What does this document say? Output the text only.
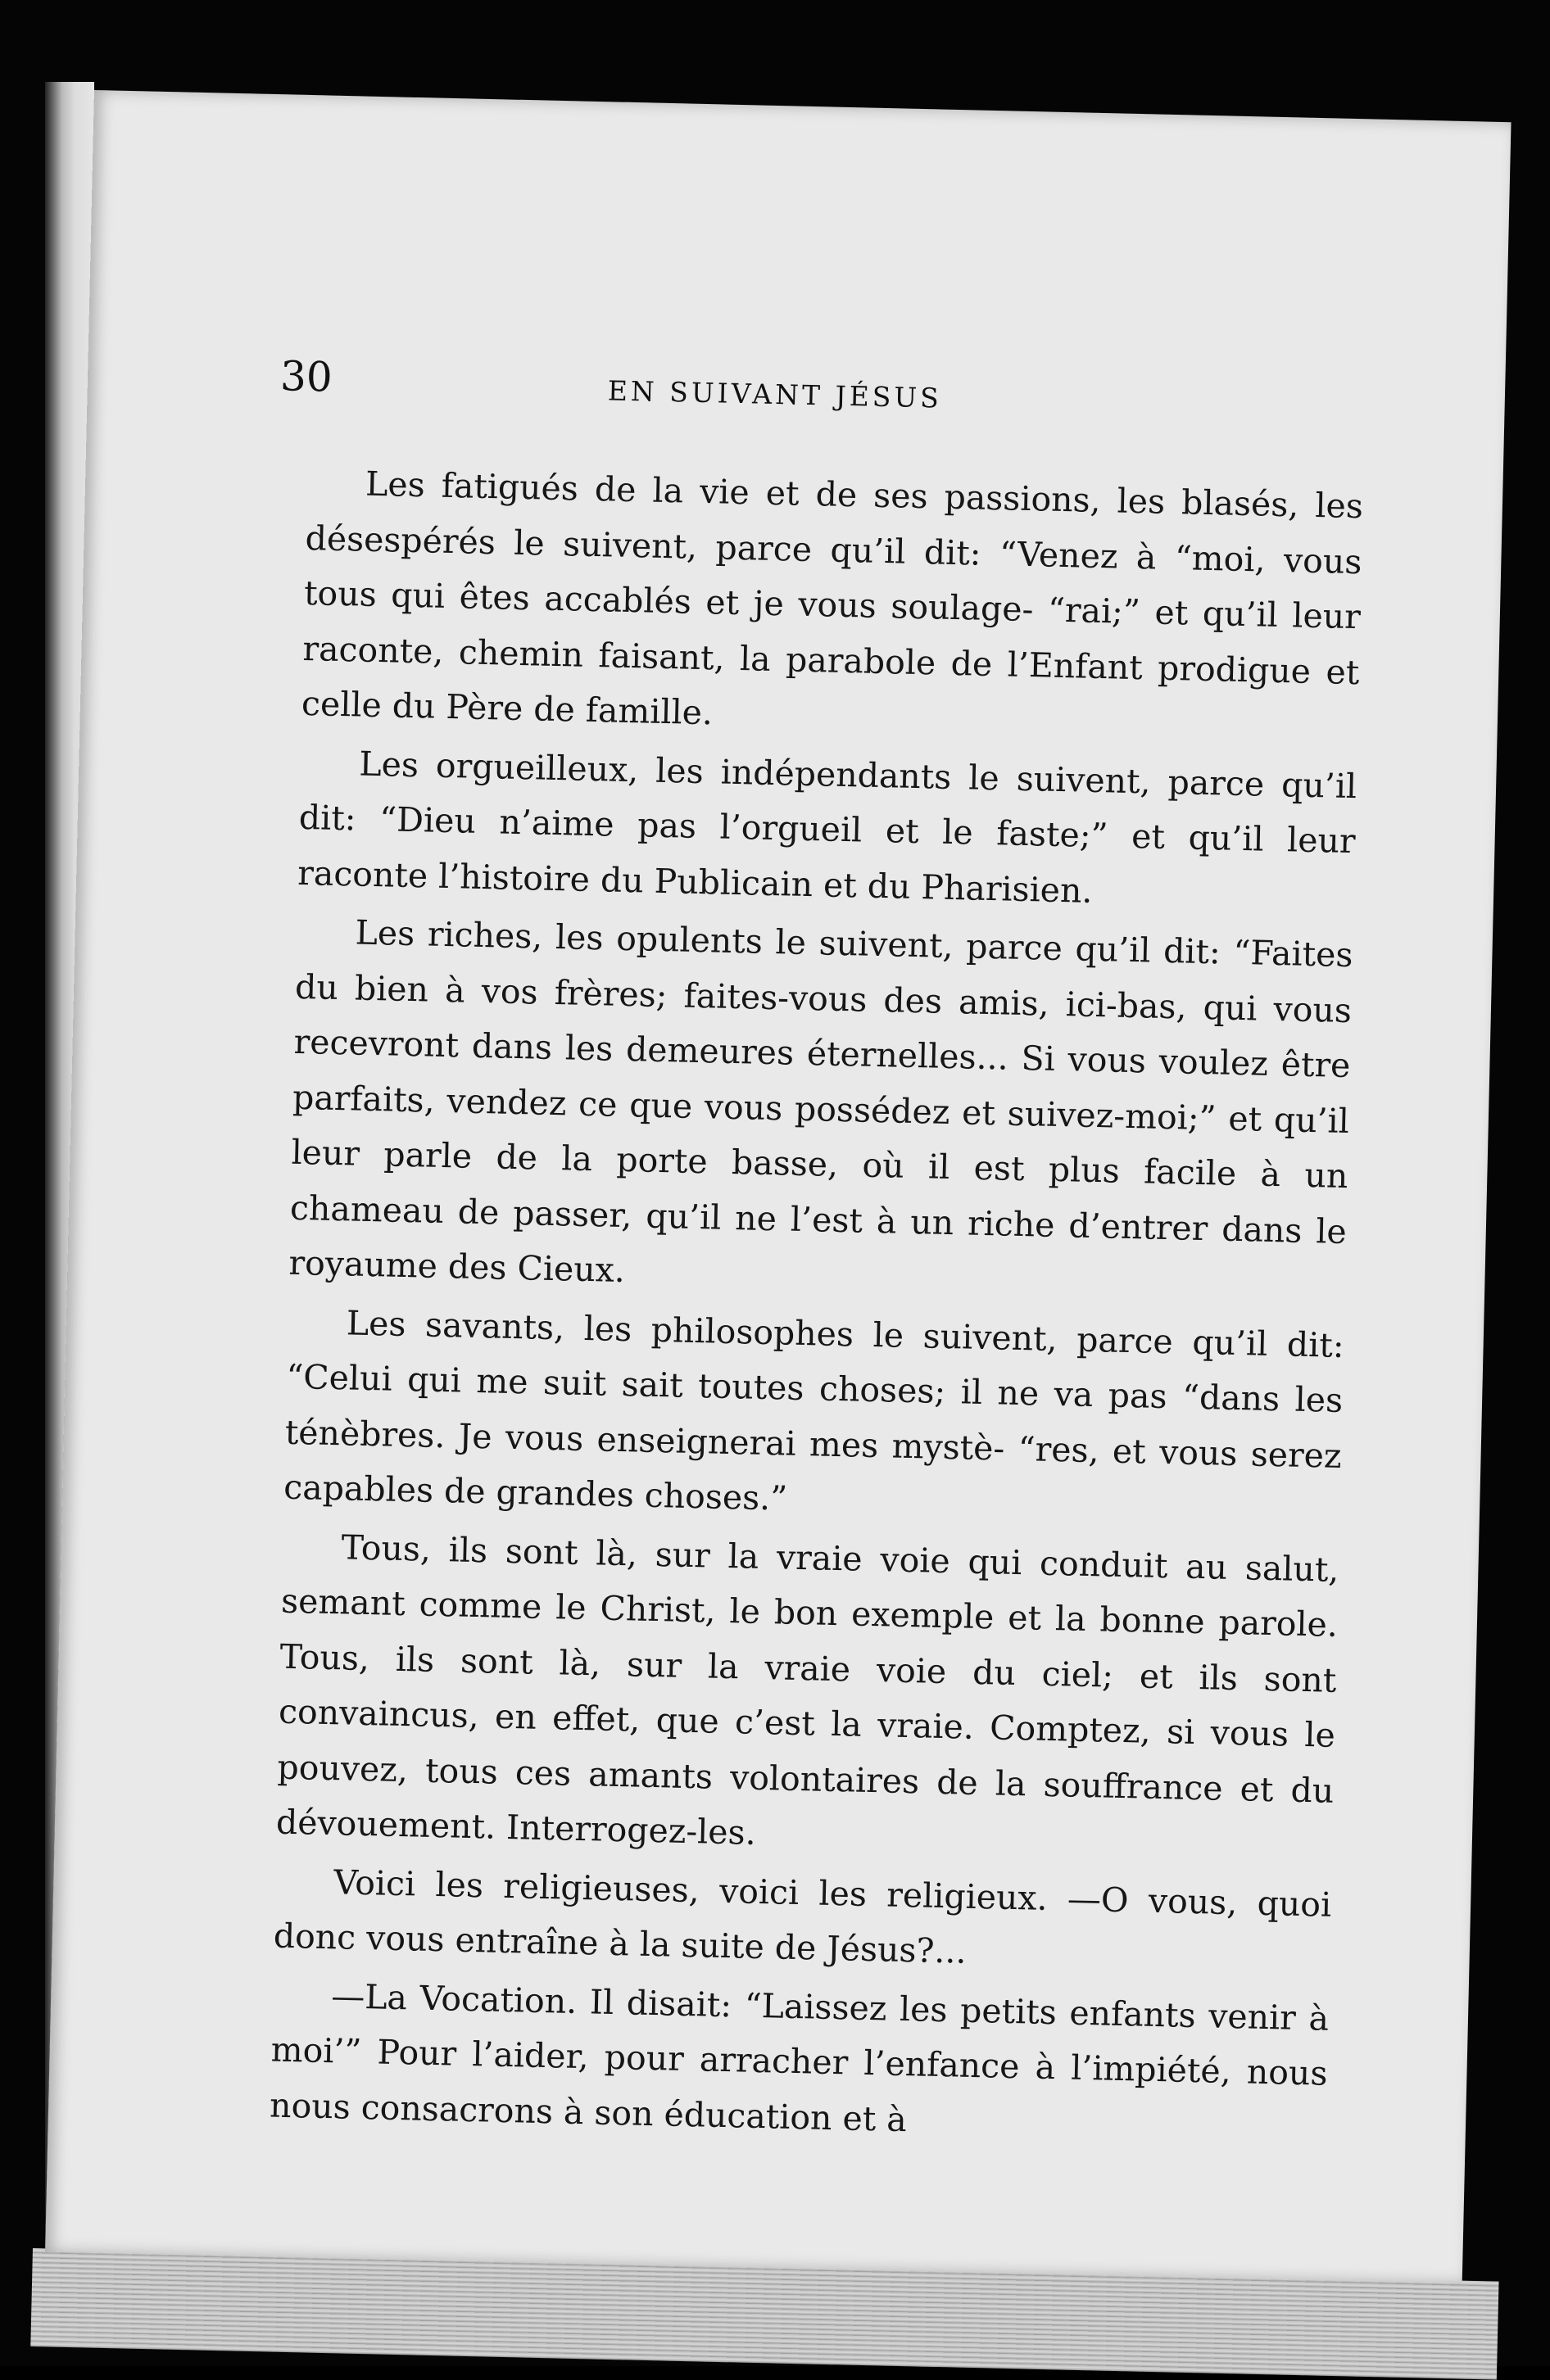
30	EN SUIVANT JÉSUS

Les fatigués de la vie et de ses passions, les blasés, les désespérés le suivent, parce qu’il dit: “Venez à “moi, vous tous qui êtes accablés et je vous soulage- “rai;” et qu’il leur raconte, chemin faisant, la parabole de l’Enfant prodigue et celle du Père de famille.

Les orgueilleux, les indépendants le suivent, parce qu’il dit: “Dieu n’aime pas l’orgueil et le faste;” et qu’il leur raconte l’histoire du Publicain et du Pharisien.

Les riches, les opulents le suivent, parce qu’il dit: “Faites du bien à vos frères; faites-vous des amis, ici-bas, qui vous recevront dans les demeures éternelles... Si vous voulez être parfaits, vendez ce que vous possédez et suivez-moi;” et qu’il leur parle de la porte basse, où il est plus facile à un chameau de passer, qu’il ne l’est à un riche d’entrer dans le royaume des Cieux.

Les savants, les philosophes le suivent, parce qu’il dit: “Celui qui me suit sait toutes choses; il ne va pas “dans les ténèbres. Je vous enseignerai mes mystè- “res, et vous serez capables de grandes choses.”

Tous, ils sont là, sur la vraie voie qui conduit au salut, semant comme le Christ, le bon exemple et la bonne parole. Tous, ils sont là, sur la vraie voie du ciel; et ils sont convaincus, en effet, que c’est la vraie. Comptez, si vous le pouvez, tous ces amants volontaires de la souffrance et du dévouement. Interrogez-les.

Voici les religieuses, voici les religieux. —O vous, quoi donc vous entraîne à la suite de Jésus?...

—La Vocation. Il disait: “Laissez les petits enfants venir à moi’” Pour l’aider, pour arracher l’enfance à l’impiété, nous nous consacrons à son éducation et à
